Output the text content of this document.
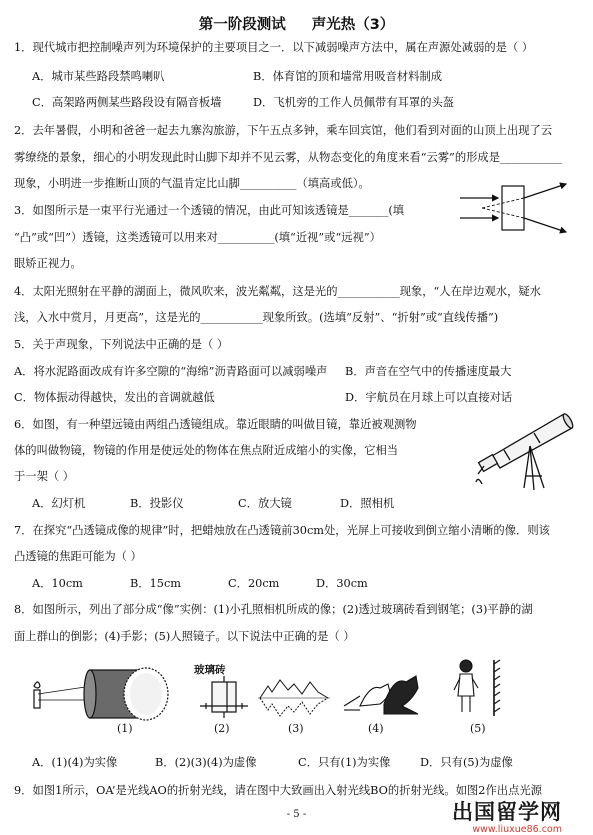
第一阶段测试 声光热（3）
1．现代城市把控制噪声列为环境保护的主要项目之一．以下减弱噪声方法中，属在声源处减弱的是（ ）
A．城市某些路段禁鸣喇叭	B．体育馆的顶和墙常用吸音材料制成
C．高架路两侧某些路段设有隔音板墙	D．飞机旁的工作人员佩带有耳罩的头盔
2．去年暑假，小明和爸爸一起去九寨沟旅游，下午五点多钟，乘车回宾馆，他们看到对面的山顶上出现了云
雾缭绕的景象，细心的小明发现此时山脚下却并不见云雾，从物态变化的角度来看“云雾”的形成是___________
现象，小明进一步推断山顶的气温肯定比山脚__________（填高或低）。
3．如图所示是一束平行光通过一个透镜的情况，由此可知该透镜是_______(填
“凸”或“凹”）透镜，这类透镜可以用来对__________(填“近视”或“远视”）
眼矫正视力。
4．太阳光照射在平静的湖面上，微风吹来，波光粼粼，这是光的___________现象，“人在岸边观水，疑水
浅，入水中赏月，月更高”，这是光的___________现象所致。(选填“反射”、“折射”或“直线传播”)
5．关于声现象，下列说法中正确的是（ ）
A．将水泥路面改成有许多空隙的“海绵”沥青路面可以减弱噪声 B．声音在空气中的传播速度最大
C．物体振动得越快，发出的音调就越低	D．宇航员在月球上可以直接对话
6．如图，有一种望远镜由两组凸透镜组成。靠近眼睛的叫做目镜，靠近被观测物
体的叫做物镜，物镜的作用是使远处的物体在焦点附近成缩小的实像，它相当
于一架（ ）
A．幻灯机	B．投影仪	C．放大镜	D．照相机
7．在探究“凸透镜成像的规律”时，把蜡烛放在凸透镜前30cm处，光屏上可接收到倒立缩小清晰的像．则该
凸透镜的焦距可能为（ ）
A．10cm	B．15cm	C．20cm	D．30cm
8．如图所示，列出了部分成“像”实例：(1)小孔照相机所成的像；(2)透过玻璃砖看到钢笔；(3)平静的湖
面上群山的倒影；(4)手影；(5)人照镜子。以下说法中正确的是（ ）
(1)
玻璃砖
(2)	(3)	(4)	(5)
A．(1)(4)为实像	B．(2)(3)(4)为虚像	C．只有(1)为实像	D．只有(5)为虚像
9．如图1所示，OA’是光线AO的折射光线，请在图中大致画出入射光线BO的折射光线。如图2作出点光源
- 5 -	出国留学网
www.liuxue86.com
